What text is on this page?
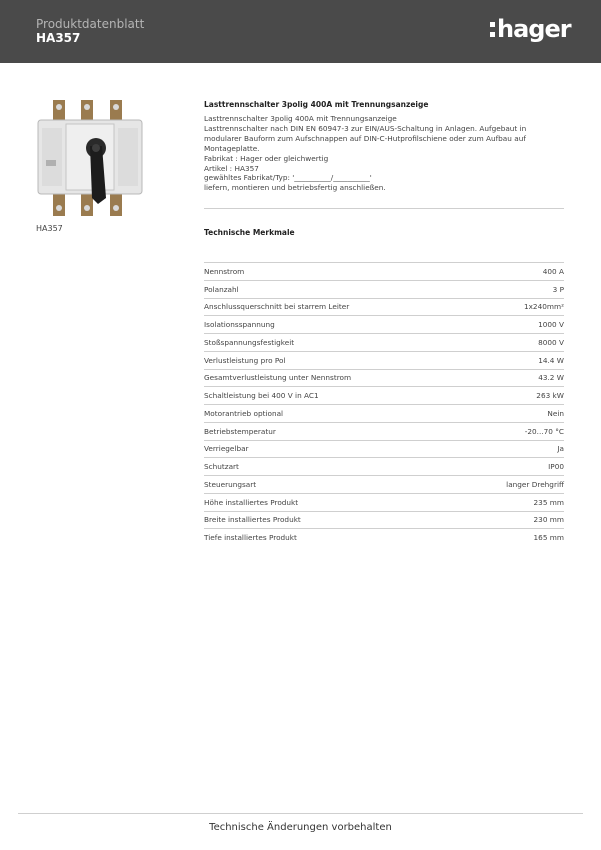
Produktdatenblatt
HA357	hager
HA357
Lasttrennschalter 3polig 400A mit Trennungsanzeige
Lasttrennschalter 3polig 400A mit Trennungsanzeige
Lasttrennschalter nach DIN EN 60947-3 zur EIN/AUS-Schaltung in Anlagen. Aufgebaut in
modularer Bauform zum Aufschnappen auf DIN-C-Hutprofilschiene oder zum Aufbau auf
Montageplatte.
Fabrikat : Hager oder gleichwertig
Artikel : HA357
gewähltes Fabrikat/Typ: '__________/__________'
liefern, montieren und betriebsfertig anschließen.
Technische Merkmale
Nennstrom	400 A
Polanzahl	3 P
Anschlussquerschnitt bei starrem Leiter	1x240mm²
Isolationsspannung	1000 V
Stoßspannungsfestigkeit	8000 V
Verlustleistung pro Pol	14.4 W
Gesamtverlustleistung unter Nennstrom	43.2 W
Schaltleistung bei 400 V in AC1	263 kW
Motorantrieb optional	Nein
Betriebstemperatur	-20...70 °C
Verriegelbar	Ja
Schutzart	IP00
Steuerungsart	langer Drehgriff
Höhe installiertes Produkt	235 mm
Breite installiertes Produkt	230 mm
Tiefe installiertes Produkt	165 mm
Technische Änderungen vorbehalten
